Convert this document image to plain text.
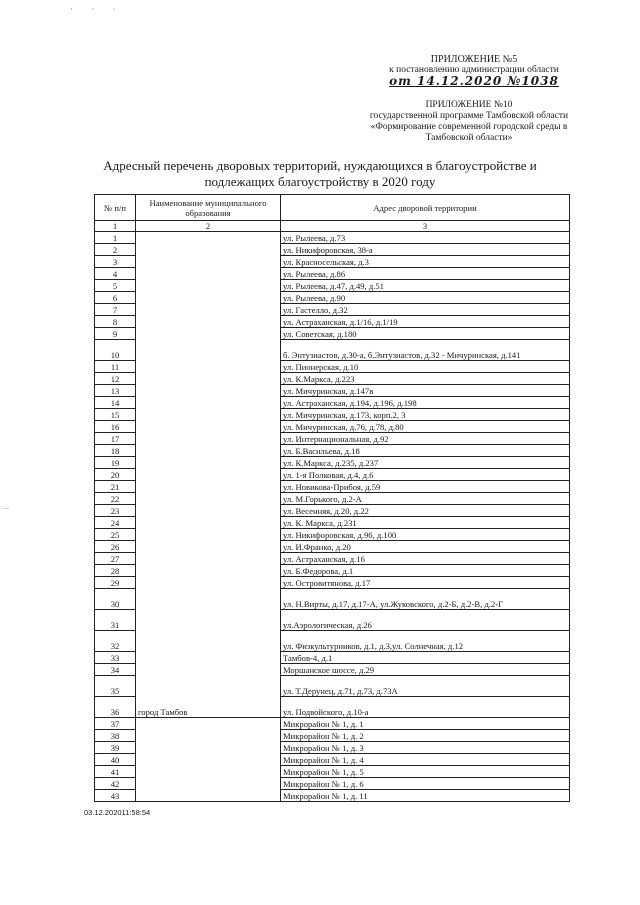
· · ·
ПРИЛОЖЕНИЕ №5
к постановлению администрации области
от 14.12.2020 №1038
ПРИЛОЖЕНИЕ №10
государственной программе Тамбовской области
«Формирование современной городской среды в
Тамбовской области»
Адресный перечень дворовых территорий, нуждающихся в благоустройстве и
подлежащих благоустройству в 2020 году
№ п/п	Наименование муниципального образования	Адрес дворовой территории
1	2	3
1	город Тамбов	ул. Рылеева, д.73
2		ул. Никифоровская, 38-а
3		ул. Красносельская, д.3
4		ул. Рылеева, д.86
5		ул. Рылеева, д.47, д.49, д.51
6		ул. Рылеева, д.90
7		ул. Гастелло, д.32
8		ул. Астраханская, д.1/16, д.1/19
9		ул. Советская, д.180
10		б. Энтузиастов, д.30-а, б.Энтузиастов, д.32 - Мичуринская, д.141
11		ул. Пионерская, д.10
12		ул. К.Маркса, д.223
13		ул. Мичуринская, д.147в
14		ул. Астраханская, д.194, д.196, д.198
15		ул. Мичуринская, д.173, корп.2, 3
16		ул. Мичуринская, д.76, д.78, д.80
17		ул. Интернациональная, д.92
18		ул. Б.Васильева, д.18
19		ул. К.Маркса, д.235, д.237
20		ул. 1-я Полковая, д.4, д.6
21		ул. Новикова-Прибоя, д.59
22		ул. М.Горького, д.2-А
23		ул. Весенняя, д.20, д.22
24		ул. К. Маркса, д.231
25		ул. Никифоровская, д.96, д.100
26		ул. И.Франко, д.20
27		ул. Астраханская, д.16
28		ул. Б.Федорова, д.1
29		ул. Островитянова, д.17
30		ул. Н.Вирты, д.17, д.17-А, ул.Жуковского, д.2-Б, д.2-В, д.2-Г
31		ул.Аэрологическая, д.26
32		ул. Физкультурников, д.1, д.3,ул. Солнечная, д.12
33		Тамбов-4, д.1
34		Моршанское шоссе, д.29
35		ул. Т.Дерунец, д.71, д.73, д.73А
36		ул. Подвойского, д.10-а
37		Микрорайон № 1, д. 1
38		Микрорайон № 1, д. 2
39		Микрорайон № 1, д. 3
40		Микрорайон № 1, д. 4
41		Микрорайон № 1, д. 5
42		Микрорайон № 1, д. 6
43		Микрорайон № 1, д. 11
03.12.202011:58:54
|
